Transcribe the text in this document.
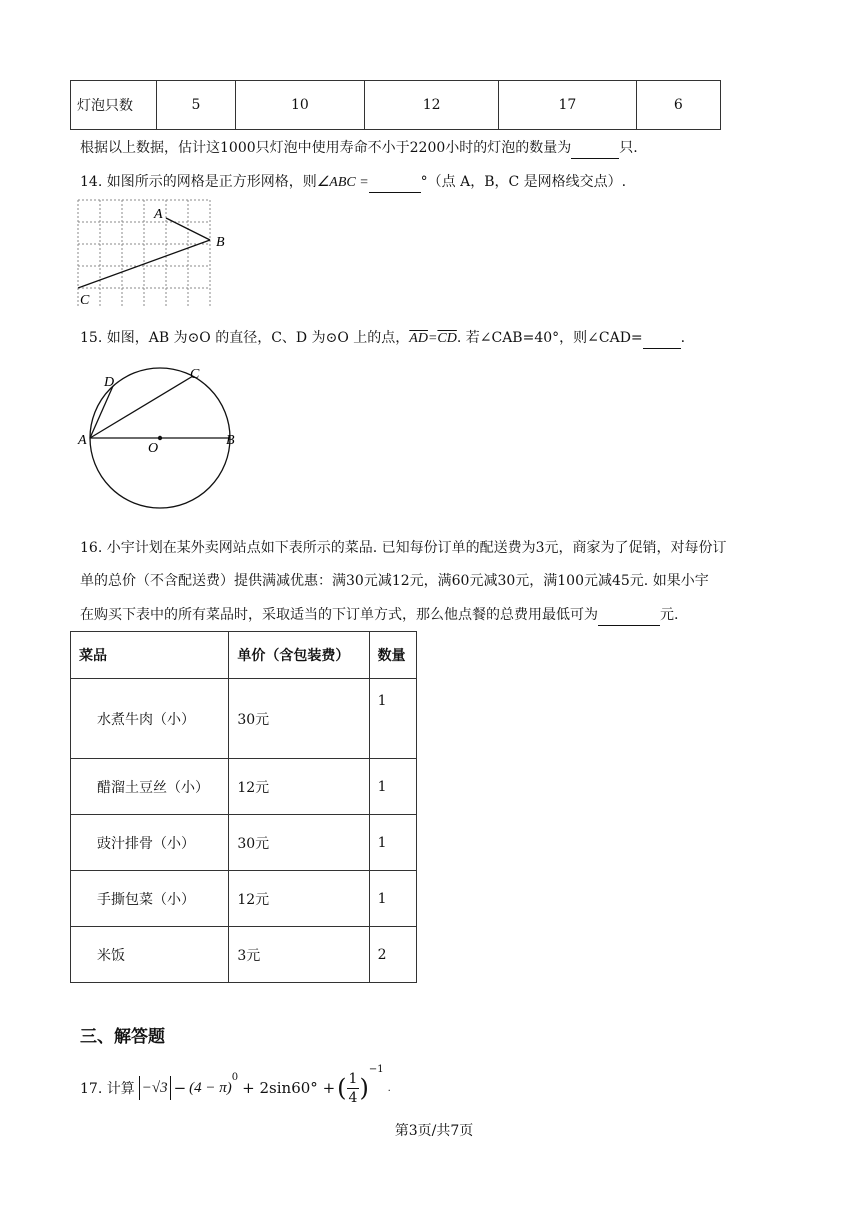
灯泡只数	5	10	12	17	6
根据以上数据，估计这1000只灯泡中使用寿命不小于2200小时的灯泡的数量为	只.
14. 如图所示的网格是正方形网格，则∠ABC =	°（点 A，B，C 是网格线交点）.
A
B
C
15. 如图，AB 为⊙O 的直径，C、D 为⊙O 上的点，$\overline{AD}=\overline{CD}$. 若∠CAB=40°，则∠CAD=	.
A	B
C
D
O
16. 小宇计划在某外卖网站点如下表所示的菜品. 已知每份订单的配送费为3元，商家为了促销，对每份订
单的总价（不含配送费）提供满减优惠：满30元减12元，满60元减30元，满100元减45元. 如果小宇
在购买下表中的所有菜品时，采取适当的下订单方式，那么他点餐的总费用最低可为	元.
菜品	单价（含包装费）	数量
水煮牛肉（小）	30元	1
醋溜土豆丝（小）	12元	1
豉汁排骨（小）	30元	1
手撕包菜（小）	12元	1
米饭	3元	2
三、解答题
17. 计算 −√3 − (4 − π)
$^0$
+ 2sin60° + ( 1
4 )
$^{-1}$
.
第3页/共7页
